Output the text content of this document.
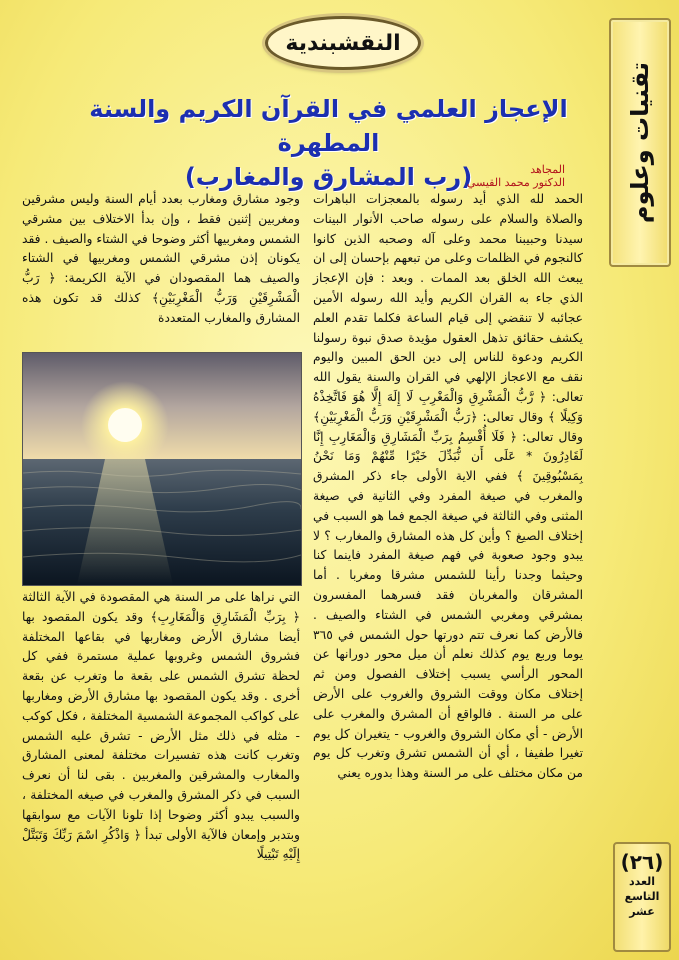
النقشبندية
تقنيات وعلوم
الإعجاز العلمي في القرآن الكريم والسنة المطهرة
(رب المشارق والمغارب)	المجاهد
الدكتور محمد القيسي

الحمد لله الذي أيد رسوله بالمعجزات الباهرات والصلاة والسلام على رسوله صاحب الأنوار البينات سيدنا وحبيبنا محمد وعلى آله وصحبه الذين كانوا كالنجوم في الظلمات وعلى من تبعهم بإحسان إلى ان يبعث الله الخلق بعد الممات . وبعد : فإن الإعجاز الذي جاء به القران الكريم وأيد الله رسوله الأمين عجائبه لا تنقضي إلى قيام الساعة فكلما تقدم العلم يكشف حقائق تذهل العقول مؤيدة صدق نبوة رسولنا الكريم ودعوة للناس إلى دين الحق المبين واليوم نقف مع الاعجاز الإلهي في القران والسنة يقول الله تعالى: ﴿ رَّبُّ الْمَشْرِقِ وَالْمَغْرِبِ لَا إِلَهَ إِلَّا هُوَ فَاتَّخِذْهُ وَكِيلًا ﴾ وقال تعالى: ﴿رَبُّ الْمَشْرِقَيْنِ وَرَبُّ الْمَغْرِبَيْنِ﴾ وقال تعالى: ﴿ فَلَا أُقْسِمُ بِرَبِّ الْمَشَارِقِ وَالْمَغَارِبِ إِنَّا لَقَادِرُونَ * عَلَى أَن نُّبَدِّلَ خَيْرًا مِّنْهُمْ وَمَا نَحْنُ بِمَسْبُوقِينَ ﴾ ففي الاية الأولى جاء ذكر المشرق والمغرب في صيغة المفرد وفي الثانية في صيغة المثنى وفي الثالثة في صيغة الجمع فما هو السبب في إختلاف الصيغ ؟ وأين كل هذه المشارق والمغارب ؟ لا يبدو وجود صعوبة في فهم صيغة المفرد فاينما كنا وحيثما وجدنا رأينا للشمس مشرقا ومغربا . أما المشرقان والمغربان فقد فسرهما المفسرون بمشرقي ومغربي الشمس في الشتاء والصيف . فالأرض كما نعرف تتم دورتها حول الشمس في ٣٦٥ يوما وربع يوم كذلك نعلم أن ميل محور دورانها عن المحور الرأسي يسبب إختلاف الفصول ومن ثم إختلاف مكان ووقت الشروق والغروب على الأرض على مر السنة . فالواقع أن المشرق والمغرب على الأرض - أي مكان الشروق والغروب - يتغيران كل يوم تغيرا طفيفا ، أي أن الشمس تشرق وتغرب كل يوم من مكان مختلف على مر السنة وهذا بدوره يعني

وجود مشارق ومغارب بعدد أيام السنة وليس مشرقين ومغربين إثنين فقط ، وإن بدأ الاختلاف بين مشرقي الشمس ومغربيها أكثر وضوحا في الشتاء والصيف . فقد يكونان إذن مشرقي الشمس ومغربيها في الشتاء والصيف هما المقصودان في الآية الكريمة: ﴿ رَبُّ الْمَشْرِقَيْنِ وَرَبُّ الْمَغْرِبَيْنِ﴾ كذلك قد تكون هذه المشارق والمغارب المتعددة

التي نراها على مر السنة هي المقصودة في الآية الثالثة ﴿ بِرَبِّ الْمَشَارِقِ وَالْمَغَارِبِ﴾ وقد يكون المقصود بها أيضا مشارق الأرض ومغاربها في بقاعها المختلفة فشروق الشمس وغروبها عملية مستمرة ففي كل لحظة تشرق الشمس على بقعة ما وتغرب عن بقعة أخرى . وقد يكون المقصود بها مشارق الأرض ومغاربها على كواكب المجموعة الشمسية المختلفة ، فكل كوكب - مثله في ذلك مثل الأرض - تشرق عليه الشمس وتغرب كانت هذه تفسيرات مختلفة لمعنى المشارق والمغارب والمشرقين والمغربين . بقى لنا أن نعرف السبب في ذكر المشرق والمغرب في صيغه المختلفة ، والسبب يبدو أكثر وضوحا إذا تلونا الآيات مع سوابقها وبتدبر وإمعان فالآية الأولى تبدأ ﴿ وَاذْكُرِ اسْمَ رَبِّكَ وَتَبَتَّلْ إِلَيْهِ تَبْتِيلًا	(٢٦)
العدد
التاسع
عشر
